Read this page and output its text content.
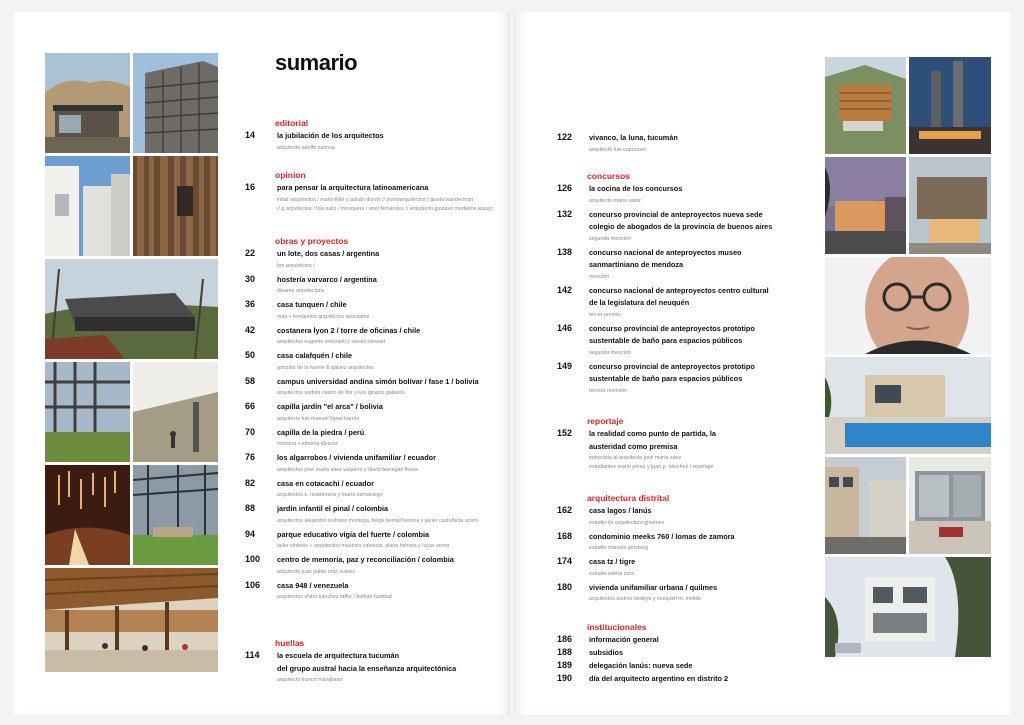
sumario
editorial
14	la jubilación de los arquitectos
arquitecto adolfo canosa
opinion
16	para pensar la arquitectura latinoamericana
infad arquitectos / mario lidel y adrián durvin // puntoarquitectos / gisela wanderman
// g arquitectos / lisa saltz / mosquera / ariel fernández // arquitecto gustavo medeiros araujo
obras y proyectos
22	un lote, dos casas / argentina
bm arquitectos /
30	hostería varvarco / argentina
dinamo arquitectura
36	casa tunquen / chile
mas + fernández arquitectos asociados
42	costanera lyon 2 / torre de oficinas / chile
arquitectos eugenio simonetti y renato stewart
50	casa calafquén / chile
gonzalo de la fuente & gálvez arquitectos
58	campus universidad andina simón bolívar / fase 1 / bolivia
arquitectos andrés castro de flor y luis ignacio galiardo
66	capilla jardín "el arca" / bolivia
arquitecto luis manuel lópez barrón
70	capilla de la piedra / perú
nomena + ximena álvarez
76	los algarrobos / vivienda unifamiliar / ecuador
arquitectos josé maría sáez vaquero y david barragán flores
82	casa en cotacachi / ecuador
arquitectos x. rivadeneira y maría samaniego
88	jardín infantil el pinal / colombia
arquitectos alejandro restrepo montoya, felipe bernal herrera y javier castañeda acero
94	parque educativo vigía del fuerte / colombia
taller síntesis + arquitectos mauricio valencia, diana herrera y lucas serna
100	centro de memoria, paz y reconciliación / colombia
arquitecto juan pablo ortiz suárez
106	casa 948 / venezuela
arquitectos víctor sánchez taffur / beltrán haddad
huellas
114	la escuela de arquitectura tucumán
del grupo austral hacia la enseñanza arquitectónica
arquitecto franco marigliano
122	vivanco, la luna, tucumán
arquitecto luis caporossi
concursos
126	la cocina de los concursos
arquitecto mario sainz
132	concurso provincial de anteproyectos nueva sede
colegio de abogados de la provincia de buenos aires
segunda mención
138	concurso nacional de anteproyectos museo
sanmartiniano de mendoza
mención
142	concurso nacional de anteproyectos centro cultural
de la legislatura del neuquén
tercer premio
146	concurso provincial de anteproyectos prototipo
sustentable de baño para espacios públicos
segunda mención
149	concurso provincial de anteproyectos prototipo
sustentable de baño para espacios públicos
tercera mención
reportaje
152	la realidad como punto de partida, la
austeridad como premisa
entrevista al arquitecto josé maría sáez
estudiantes mario pérez y juan p. sánchez / reportaje
arquitectura distrital
162	casa lagos / lanús
estudio de arquitectura giménez
168	condominio meeks 760 / lomas de zamora
estudio marcelo ginsberg
174	casa tz / tigre
estudio contra zuro
180	vivienda unifamiliar urbana / quilmes
arquitectos andrés bedoya y ezequiel m. melide
institucionales
186	información general
188	subsidios
189	delegación lanús: nueva sede
190	día del arquitecto argentino en distrito 2
